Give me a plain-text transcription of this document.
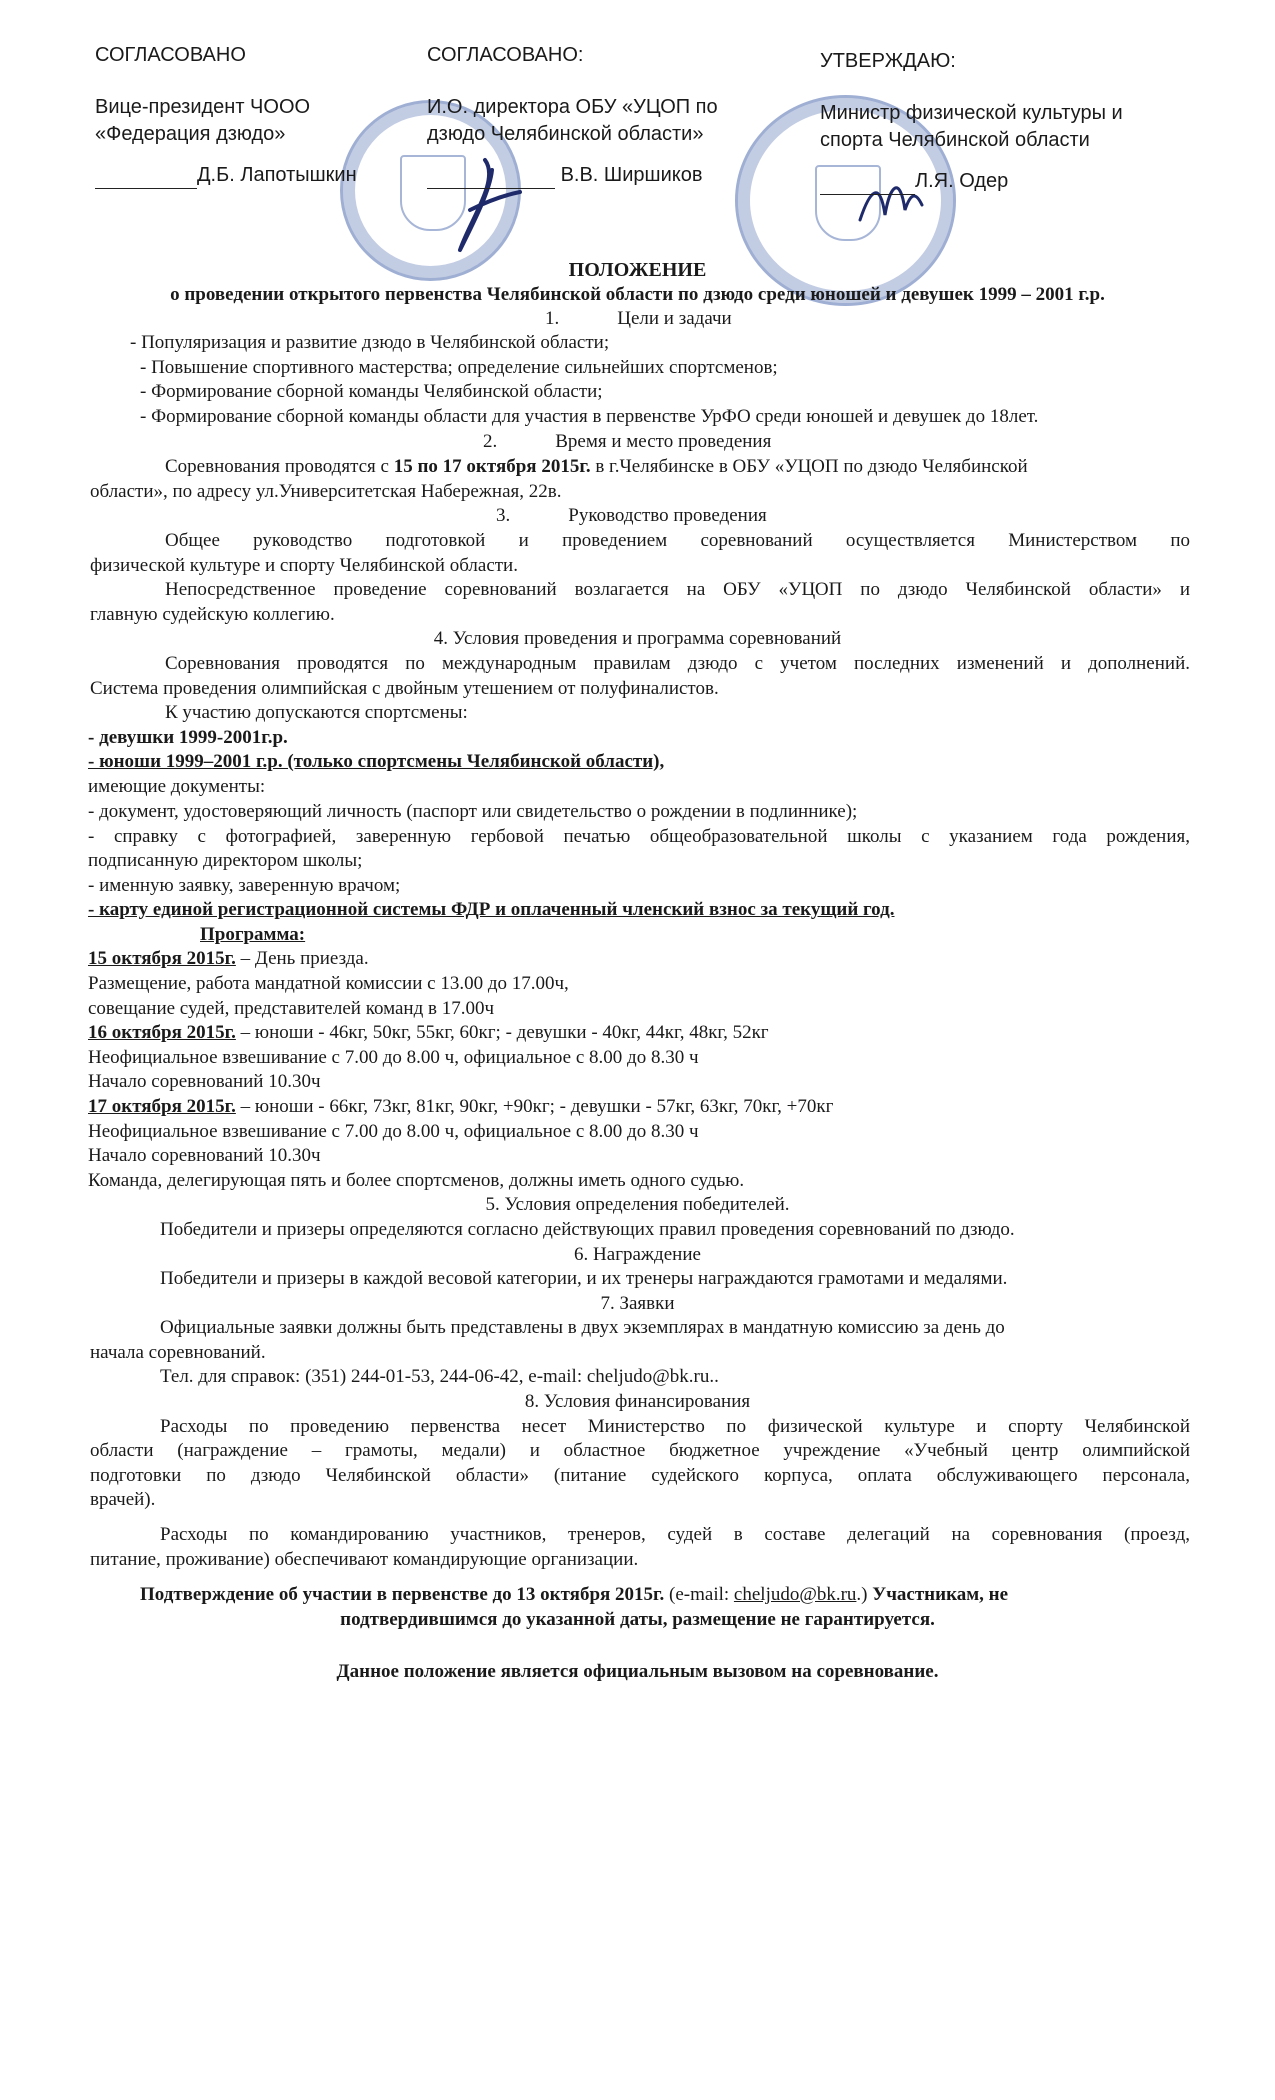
СОГЛАСОВАНО
Вице-президент ЧООО
«Федерация дзюдо»
Д.Б. Лапотышкин
СОГЛАСОВАНО:
И.О. директора ОБУ «УЦОП по
дзюдо Челябинской области»
В.В. Ширшиков
УТВЕРЖДАЮ:
Министр физической культуры и
спорта Челябинской области
Л.Я. Одер
ПОЛОЖЕНИЕ
о проведении открытого первенства Челябинской области по дзюдо среди юношей и девушек 1999 – 2001 г.р.
1.	Цели и задачи
- Популяризация и развитие дзюдо в Челябинской области;
- Повышение спортивного мастерства; определение сильнейших спортсменов;
- Формирование сборной команды Челябинской области;
- Формирование сборной команды области для участия в первенстве УрФО среди юношей и девушек до 18лет.
2.	Время и место проведения
Соревнования проводятся с 15 по 17 октября 2015г. в г.Челябинске в ОБУ «УЦОП по дзюдо Челябинской
области», по адресу ул.Университетская Набережная, 22в.
3.	Руководство проведения
Общее руководство подготовкой и проведением соревнований осуществляется Министерством по
физической культуре и спорту Челябинской области.
Непосредственное проведение соревнований возлагается на ОБУ «УЦОП по дзюдо Челябинской области» и
главную судейскую коллегию.
4. Условия проведения и программа соревнований
Соревнования проводятся по международным правилам дзюдо с учетом последних изменений и дополнений.
Система проведения олимпийская с двойным утешением от полуфиналистов.
К участию допускаются спортсмены:
- девушки 1999-2001г.р.
- юноши 1999–2001 г.р. (только спортсмены Челябинской области),
имеющие документы:
- документ, удостоверяющий личность (паспорт или свидетельство о рождении в подлиннике);
- справку с фотографией, заверенную гербовой печатью общеобразовательной школы с указанием года рождения,
подписанную директором школы;
- именную заявку, заверенную врачом;
- карту единой регистрационной системы ФДР и оплаченный членский взнос за текущий год.
Программа:
15 октября 2015г. – День приезда.
Размещение, работа мандатной комиссии с 13.00 до 17.00ч,
совещание судей, представителей команд в 17.00ч
16 октября 2015г. – юноши - 46кг, 50кг, 55кг, 60кг; - девушки - 40кг, 44кг, 48кг, 52кг
Неофициальное взвешивание с 7.00 до 8.00 ч, официальное с 8.00 до 8.30 ч
Начало соревнований 10.30ч
17 октября 2015г. – юноши - 66кг, 73кг, 81кг, 90кг, +90кг; - девушки - 57кг, 63кг, 70кг, +70кг
Неофициальное взвешивание с 7.00 до 8.00 ч, официальное с 8.00 до 8.30 ч
Начало соревнований 10.30ч
Команда, делегирующая пять и более спортсменов, должны иметь одного судью.
5. Условия определения победителей.
Победители и призеры определяются согласно действующих правил проведения соревнований по дзюдо.
6. Награждение
Победители и призеры в каждой весовой категории, и их тренеры награждаются грамотами и медалями.
7. Заявки
Официальные заявки должны быть представлены в двух экземплярах в мандатную комиссию за день до
начала соревнований.
Тел. для справок: (351) 244-01-53, 244-06-42, e-mail: cheljudo@bk.ru..
8. Условия финансирования
Расходы по проведению первенства несет Министерство по физической культуре и спорту Челябинской
области (награждение – грамоты, медали) и областное бюджетное учреждение «Учебный центр олимпийской
подготовки по дзюдо Челябинской области» (питание судейского корпуса, оплата обслуживающего персонала,
врачей).
Расходы по командированию участников, тренеров, судей в составе делегаций на соревнования (проезд,
питание, проживание) обеспечивают командирующие организации.
Подтверждение об участии в первенстве до 13 октября 2015г. (e-mail: cheljudo@bk.ru.) Участникам, не
подтвердившимся до указанной даты, размещение не гарантируется.
Данное положение является официальным вызовом на соревнование.
